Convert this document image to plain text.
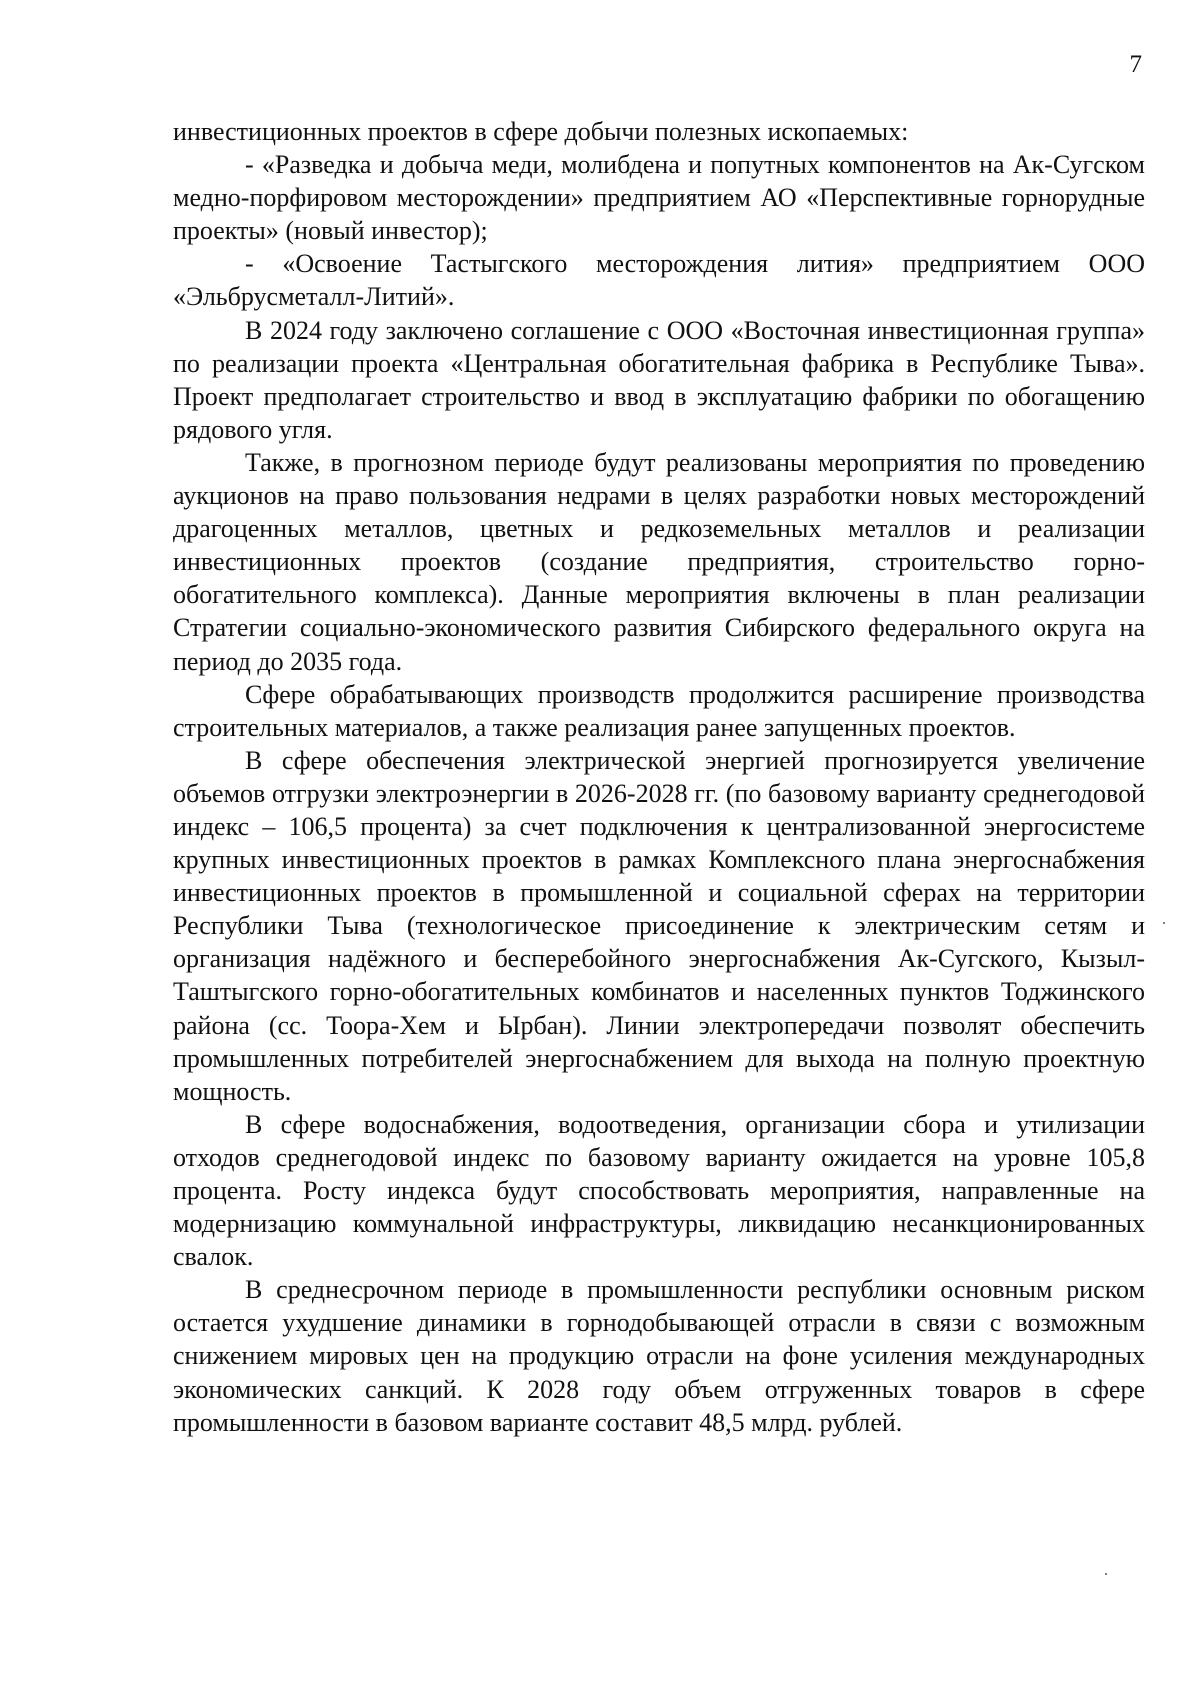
7

инвестиционных проектов в сфере добычи полезных ископаемых:

- «Разведка и добыча меди, молибдена и попутных компонентов на Ак-Сугском медно-порфировом месторождении» предприятием АО «Перспективные горнорудные проекты» (новый инвестор);

- «Освоение Тастыгского месторождения лития» предприятием ООО «Эльбрусметалл-Литий».

В 2024 году заключено соглашение с ООО «Восточная инвестиционная группа» по реализации проекта «Центральная обогатительная фабрика в Республике Тыва». Проект предполагает строительство и ввод в эксплуатацию фабрики по обогащению рядового угля.

Также, в прогнозном периоде будут реализованы мероприятия по проведению аукционов на право пользования недрами в целях разработки новых месторождений драгоценных металлов, цветных и редкоземельных металлов и реализации инвестиционных проектов (создание предприятия, строительство горно-обогатительного комплекса). Данные мероприятия включены в план реализации Стратегии социально-экономического развития Сибирского федерального округа на период до 2035 года.

Сфере обрабатывающих производств продолжится расширение производства строительных материалов, а также реализация ранее запущенных проектов.

В сфере обеспечения электрической энергией прогнозируется увеличение объемов отгрузки электроэнергии в 2026-2028 гг. (по базовому варианту среднегодовой индекс – 106,5 процента) за счет подключения к централизованной энергосистеме крупных инвестиционных проектов в рамках Комплексного плана энергоснабжения инвестиционных проектов в промышленной и социальной сферах на территории Республики Тыва (технологическое присоединение к электрическим сетям и организация надёжного и бесперебойного энергоснабжения Ак-Сугского, Кызыл-Таштыгского горно-обогатительных комбинатов и населенных пунктов Тоджинского района (сс. Тоора-Хем и Ырбан). Линии электропередачи позволят обеспечить промышленных потребителей энергоснабжением для выхода на полную проектную мощность.

В сфере водоснабжения, водоотведения, организации сбора и утилизации отходов среднегодовой индекс по базовому варианту ожидается на уровне 105,8 процента. Росту индекса будут способствовать мероприятия, направленные на модернизацию коммунальной инфраструктуры, ликвидацию несанкционированных свалок.

В среднесрочном периоде в промышленности республики основным риском остается ухудшение динамики в горнодобывающей отрасли в связи с возможным снижением мировых цен на продукцию отрасли на фоне усиления международных экономических санкций. К 2028 году объем отгруженных товаров в сфере промышленности в базовом варианте составит 48,5 млрд. рублей.
